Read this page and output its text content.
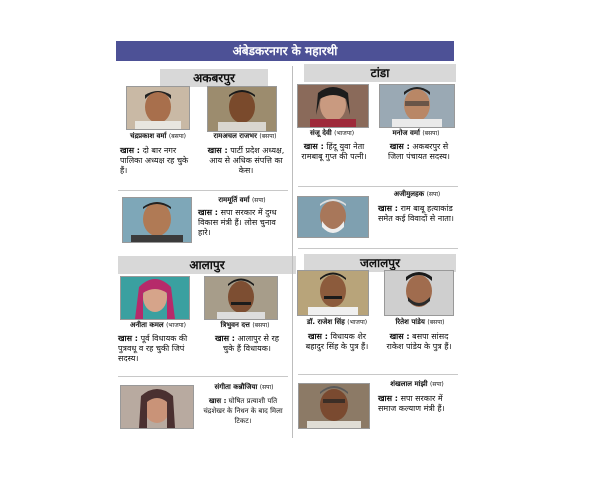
अंबेडकरनगर के महारथी
अकबरपुर	टांडा
आलापुर	जलालपुर
चंद्रप्रकाश वर्मा (बसपा)	रामअचल राजभर (बसपा)
खास : दो बार नगर पालिका अध्यक्ष रह चुके हैं।
खास : पार्टी प्रदेश अध्यक्ष, आय से अधिक संपत्ति का केस।
राममूर्ति वर्मा (सपा)
खास : सपा सरकार में दुग्ध विकास मंत्री हैं। लोस चुनाव हारे।
संजू देवी (भाजपा)	मनोज वर्मा (बसपा)
खास : हिंदू युवा नेता रामबाबू गुप्त की पत्नी।
खास : अकबरपुर से जिला पंचायत सदस्य।
अजीमुलहक (सपा)
खास : राम बाबू हत्याकांड समेत कई विवादों से नाता।
अनीता कमल (भाजपा)	त्रिभुवन दत्त (बसपा)
खास : पूर्व विधायक की पुत्रवधू व रह चुकी जिपं सदस्य।
खास : आलापुर से रह चुके हैं विधायक।
संगीता कन्नौजिया (सपा)
खास : घोषित प्रत्याशी पति चंद्रशेखर के निधन के बाद मिला टिकट।
डॉ. राजेश सिंह (भाजपा)	रितेश पांडेय (बसपा)
खास : विधायक शेर बहादुर सिंह के पुत्र हैं।
खास : बसपा सांसद राकेश पांडेय के पुत्र हैं।
शंखलाल मांझी (सपा)
खास : सपा सरकार में समाज कल्याण मंत्री हैं।
